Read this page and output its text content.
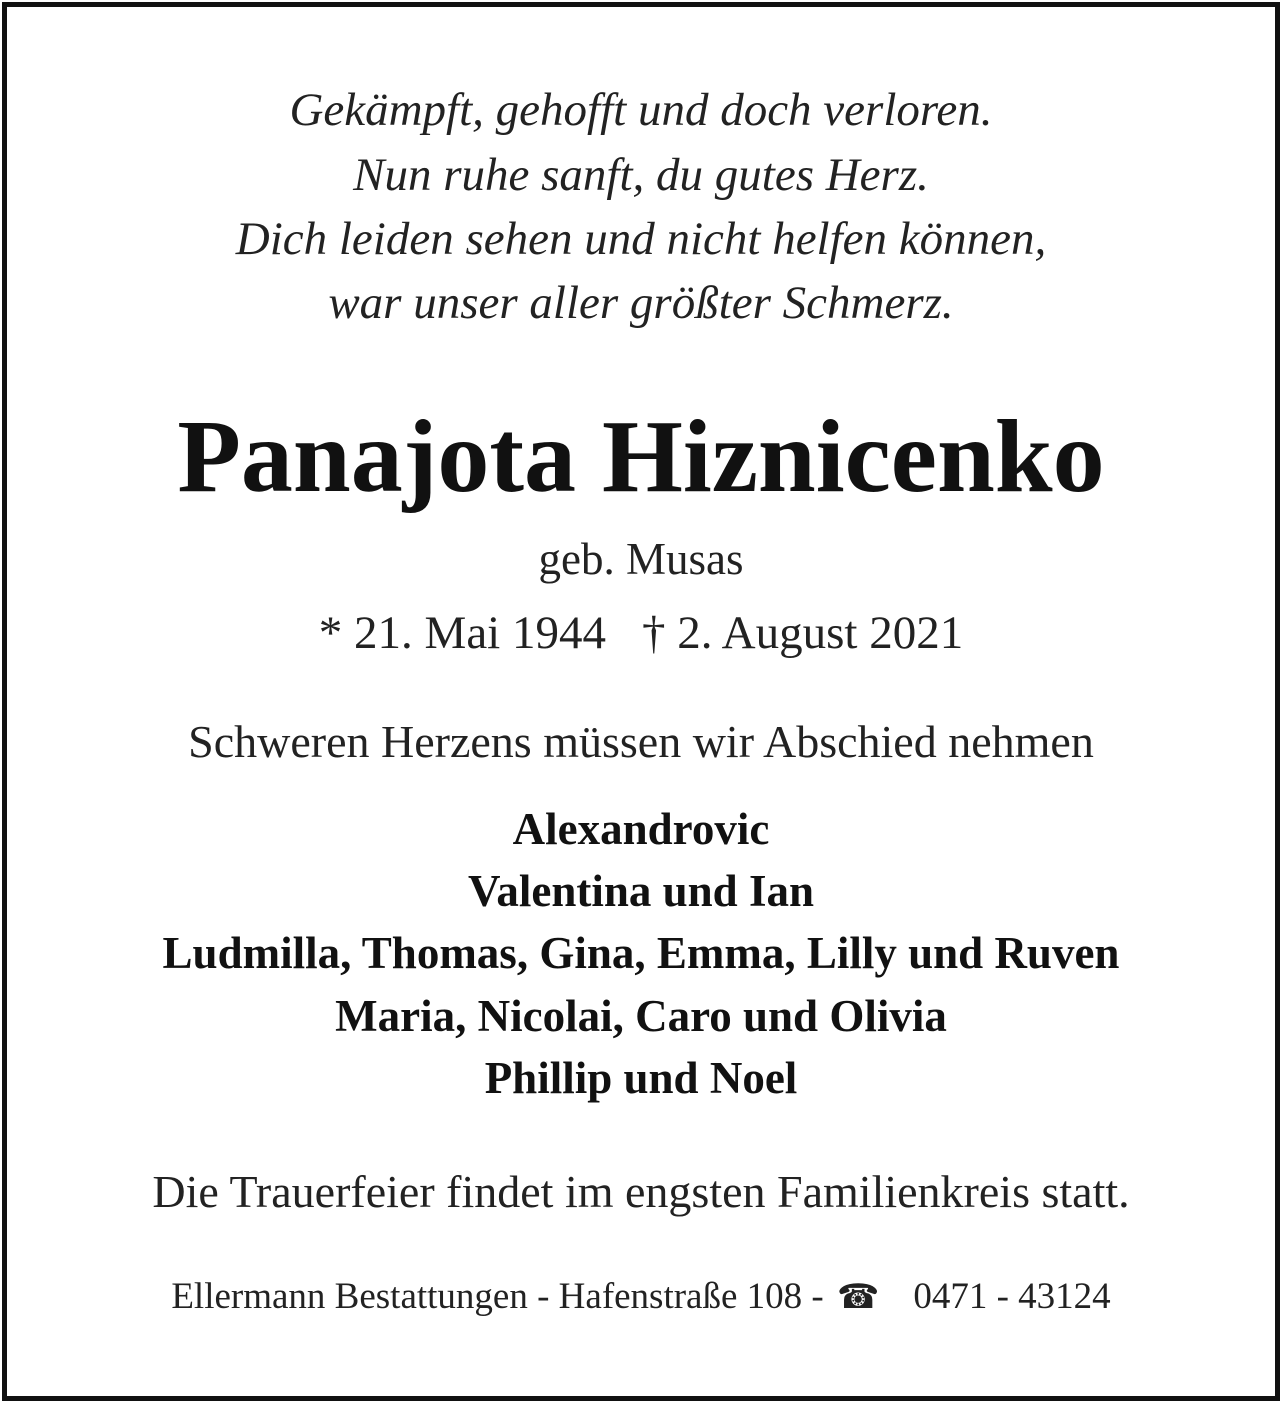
Gekämpft, gehofft und doch verloren.
Nun ruhe sanft, du gutes Herz.
Dich leiden sehen und nicht helfen können,
war unser aller größter Schmerz.
Panajota Hiznicenko
geb. Musas
* 21. Mai 1944 † 2. August 2021
Schweren Herzens müssen wir Abschied nehmen
Alexandrovic
Valentina und Ian
Ludmilla, Thomas, Gina, Emma, Lilly und Ruven
Maria, Nicolai, Caro und Olivia
Phillip und Noel
Die Trauerfeier findet im engsten Familienkreis statt.
Ellermann Bestattungen - Hafenstraße 108 - ☎ 0471 - 43124
